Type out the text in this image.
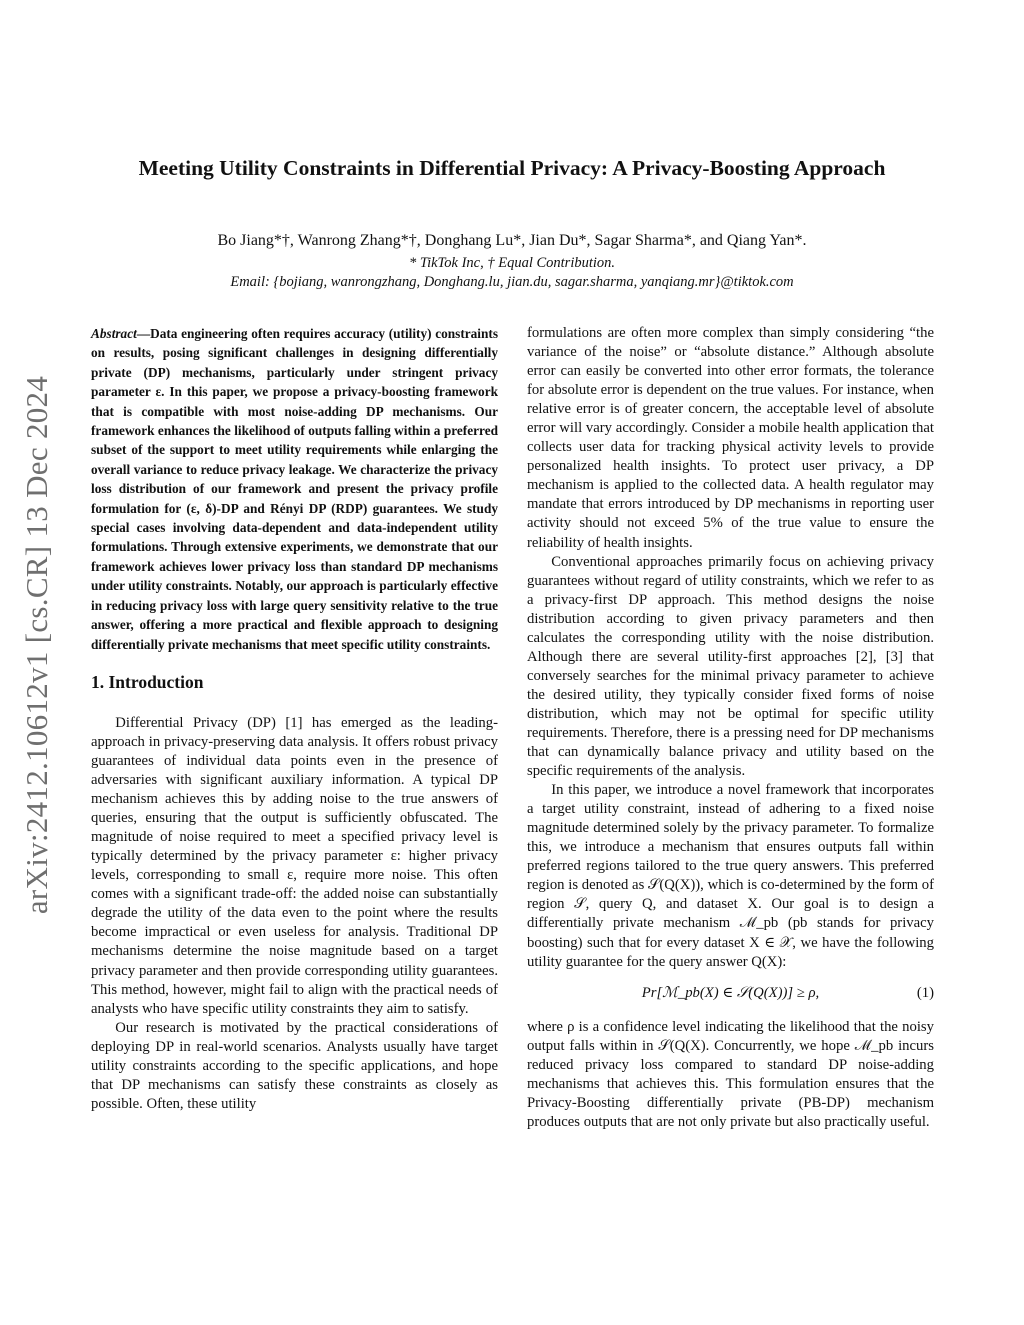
arXiv:2412.10612v1 [cs.CR] 13 Dec 2024
Meeting Utility Constraints in Differential Privacy: A Privacy-Boosting Approach
Bo Jiang*†, Wanrong Zhang*†, Donghang Lu*, Jian Du*, Sagar Sharma*, and Qiang Yan*.
* TikTok Inc, † Equal Contribution.
Email: {bojiang, wanrongzhang, Donghang.lu, jian.du, sagar.sharma, yanqiang.mr}@tiktok.com
Abstract—Data engineering often requires accuracy (utility) constraints on results, posing significant challenges in designing differentially private (DP) mechanisms, particularly under stringent privacy parameter ε. In this paper, we propose a privacy-boosting framework that is compatible with most noise-adding DP mechanisms. Our framework enhances the likelihood of outputs falling within a preferred subset of the support to meet utility requirements while enlarging the overall variance to reduce privacy leakage. We characterize the privacy loss distribution of our framework and present the privacy profile formulation for (ε, δ)-DP and Rényi DP (RDP) guarantees. We study special cases involving data-dependent and data-independent utility formulations. Through extensive experiments, we demonstrate that our framework achieves lower privacy loss than standard DP mechanisms under utility constraints. Notably, our approach is particularly effective in reducing privacy loss with large query sensitivity relative to the true answer, offering a more practical and flexible approach to designing differentially private mechanisms that meet specific utility constraints.
1. Introduction

Differential Privacy (DP) [1] has emerged as the leading-approach in privacy-preserving data analysis. It offers robust privacy guarantees of individual data points even in the presence of adversaries with significant auxiliary information. A typical DP mechanism achieves this by adding noise to the true answers of queries, ensuring that the output is sufficiently obfuscated. The magnitude of noise required to meet a specified privacy level is typically determined by the privacy parameter ε: higher privacy levels, corresponding to small ε, require more noise. This often comes with a significant trade-off: the added noise can substantially degrade the utility of the data even to the point where the results become impractical or even useless for analysis. Traditional DP mechanisms determine the noise magnitude based on a target privacy parameter and then provide corresponding utility guarantees. This method, however, might fail to align with the practical needs of analysts who have specific utility constraints they aim to satisfy.

Our research is motivated by the practical considerations of deploying DP in real-world scenarios. Analysts usually have target utility constraints according to the specific applications, and hope that DP mechanisms can satisfy these constraints as closely as possible. Often, these utility

formulations are often more complex than simply considering “the variance of the noise” or “absolute distance.” Although absolute error can easily be converted into other error formats, the tolerance for absolute error is dependent on the true values. For instance, when relative error is of greater concern, the acceptable level of absolute error will vary accordingly. Consider a mobile health application that collects user data for tracking physical activity levels to provide personalized health insights. To protect user privacy, a DP mechanism is applied to the collected data. A health regulator may mandate that errors introduced by DP mechanisms in reporting user activity should not exceed 5% of the true value to ensure the reliability of health insights.

Conventional approaches primarily focus on achieving privacy guarantees without regard of utility constraints, which we refer to as a privacy-first DP approach. This method designs the noise distribution according to given privacy parameters and then calculates the corresponding utility with the noise distribution. Although there are several utility-first approaches [2], [3] that conversely searches for the minimal privacy parameter to achieve the desired utility, they typically consider fixed forms of noise distribution, which may not be optimal for specific utility requirements. Therefore, there is a pressing need for DP mechanisms that can dynamically balance privacy and utility based on the specific requirements of the analysis.

In this paper, we introduce a novel framework that incorporates a target utility constraint, instead of adhering to a fixed noise magnitude determined solely by the privacy parameter. To formalize this, we introduce a mechanism that ensures outputs fall within preferred regions tailored to the true query answers. This preferred region is denoted as 𝒮(Q(X)), which is co-determined by the form of region 𝒮, query Q, and dataset X. Our goal is to design a differentially private mechanism ℳ_pb (pb stands for privacy boosting) such that for every dataset X ∈ 𝒳, we have the following utility guarantee for the query answer Q(X):

Pr[ℳ_pb(X) ∈ 𝒮(Q(X))] ≥ ρ,	(1)

where ρ is a confidence level indicating the likelihood that the noisy output falls within in 𝒮(Q(X). Concurrently, we hope ℳ_pb incurs reduced privacy loss compared to standard DP noise-adding mechanisms that achieves this. This formulation ensures that the Privacy-Boosting differentially private (PB-DP) mechanism produces outputs that are not only private but also practically useful.
